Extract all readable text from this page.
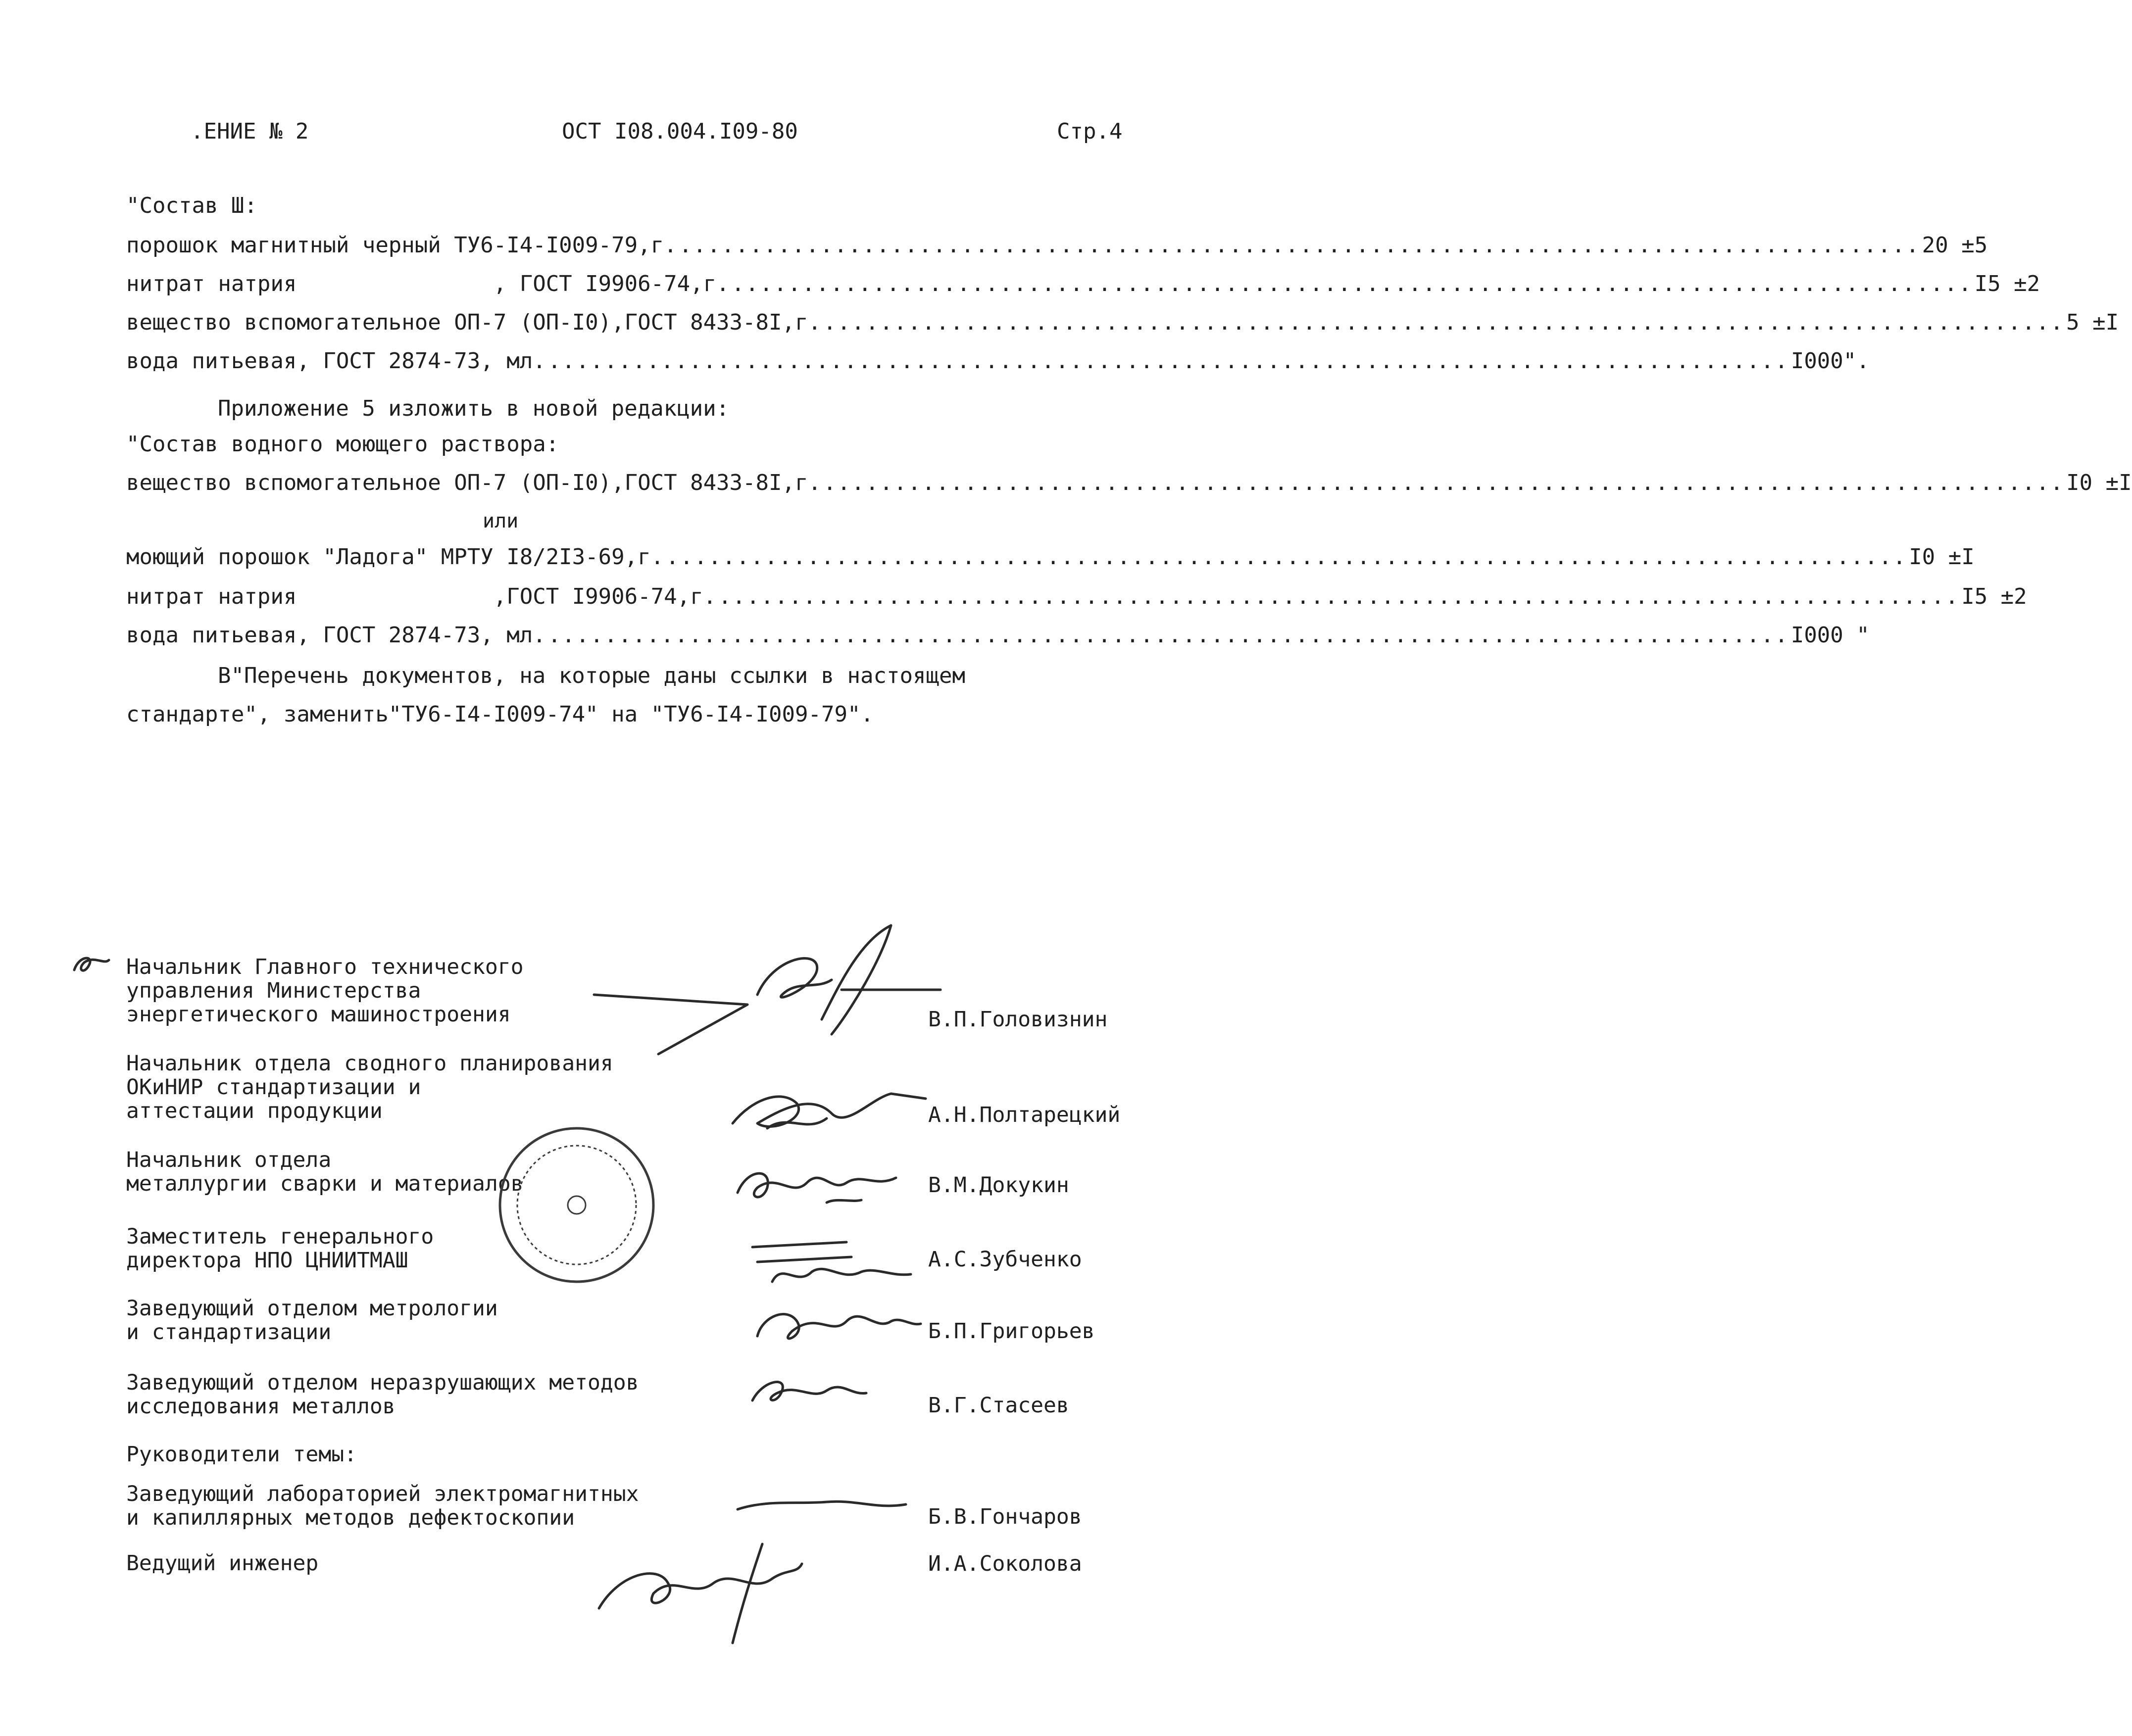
.ЕНИЕ № 2	ОСТ I08.004.I09-80	Стр.4
"Состав Ш:
порошок магнитный черный ТУ6-I4-I009-79,г. ........................................................................................ 20 ±5
нитрат натрия               , ГОСТ I9906-74,г. ........................................................................................ I5 ±2
вещество вспомогательное ОП-7 (ОП-I0),ГОСТ 8433-8I,г. ........................................................................................ 5 ±I
вода питьевая, ГОСТ 2874-73, мл. ........................................................................................ I000".
Приложение 5 изложить в новой редакции:
"Состав водного моющего раствора:
вещество вспомогательное ОП-7 (ОП-I0),ГОСТ 8433-8I,г. ........................................................................................ I0 ±I
или
моющий порошок "Ладога" МРТУ I8/2I3-69,г. ........................................................................................ I0 ±I
нитрат натрия               ,ГОСТ I9906-74,г. ........................................................................................ I5 ±2
вода питьевая, ГОСТ 2874-73, мл. ........................................................................................ I000 "
В"Перечень документов, на которые даны ссылки в настоящем
стандарте", заменить"ТУ6-I4-I009-74" на "ТУ6-I4-I009-79".
Начальник Главного технического
управления Министерства
энергетического машиностроения	В.П.Головизнин
Начальник отдела сводного планирования
ОКиНИР стандартизации и
аттестации продукции	А.Н.Полтарецкий
Начальник отдела
металлургии сварки и материалов	В.М.Докукин
Заместитель генерального
директора НПО ЦНИИТМАШ	А.С.Зубченко
Заведующий отделом метрологии
и стандартизации	Б.П.Григорьев
Заведующий отделом неразрушающих методов
исследования металлов	В.Г.Стасеев
Руководители темы:
Заведующий лабораторией электромагнитных
и капиллярных методов дефектоскопии	Б.В.Гончаров
Ведущий инженер	И.А.Соколова
